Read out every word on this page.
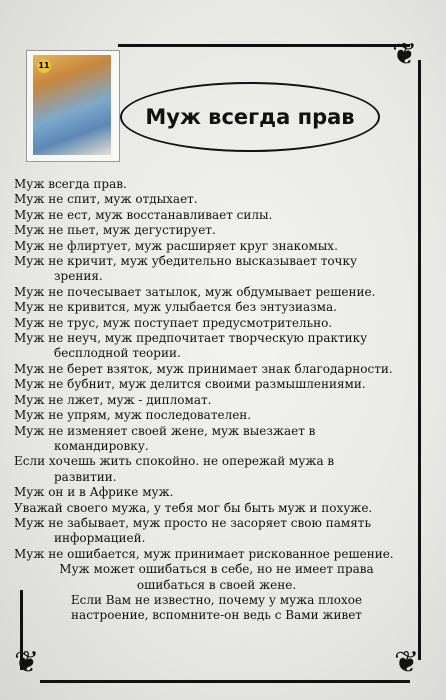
❦
❦	❦
11
Муж всегда прав
Муж всегда прав.
Муж не спит, муж отдыхает.
Муж не ест, муж восстанавливает силы.
Муж не пьет, муж дегустирует.
Муж не флиртует, муж расширяет круг знакомых.
Муж не кричит, муж убедительно высказывает точку
зрения.
Муж не почесывает затылок, муж обдумывает решение.
Муж не кривится, муж улыбается без энтузиазма.
Муж не трус, муж поступает предусмотрительно.
Муж не неуч, муж предпочитает творческую практику
бесплодной теории.
Муж не берет взяток, муж принимает знак благодарности.
Муж не бубнит, муж делится своими размышлениями.
Муж не лжет, муж - дипломат.
Муж не упрям, муж последователен.
Муж не изменяет своей жене, муж выезжает в
командировку.
Если хочешь жить спокойно. не опережай мужа в
развитии.
Муж он и в Африке муж.
Уважай своего мужа, у тебя мог бы быть муж и похуже.
Муж не забывает, муж просто не засоряет свою память
информацией.
Муж не ошибается, муж принимает рискованное решение.
Муж может ошибаться в себе, но не имеет права
ошибаться в своей жене.
Если Вам не известно, почему у мужа плохое
настроение, вспомните-он ведь с Вами живет
